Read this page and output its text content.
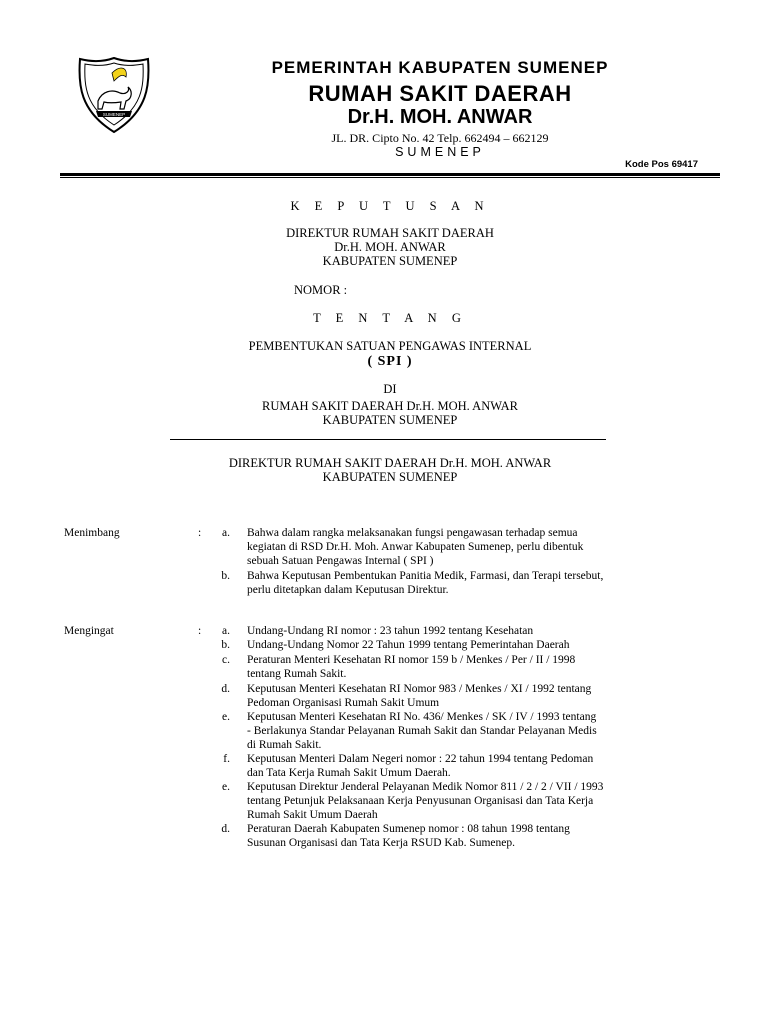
SUMENEP
PEMERINTAH KABUPATEN SUMENEP
RUMAH SAKIT DAERAH
Dr.H. MOH. ANWAR
JL. DR. Cipto No. 42 Telp. 662494 – 662129
SUMENEP
Kode Pos 69417
K E P U T U S A N
DIREKTUR RUMAH SAKIT DAERAH
Dr.H. MOH. ANWAR
KABUPATEN SUMENEP
NOMOR :
T E N T A N G
PEMBENTUKAN SATUAN PENGAWAS INTERNAL
( SPI )
DI
RUMAH SAKIT DAERAH Dr.H. MOH. ANWAR
KABUPATEN SUMENEP
DIREKTUR RUMAH SAKIT DAERAH Dr.H. MOH. ANWAR
KABUPATEN SUMENEP
Menimbang	:	a. Bahwa dalam rangka melaksanakan fungsi pengawasan terhadap semua
kegiatan di RSD Dr.H. Moh. Anwar Kabupaten Sumenep, perlu dibentuk
sebuah Satuan Pengawas Internal ( SPI )
b. Bahwa Keputusan Pembentukan Panitia Medik, Farmasi, dan Terapi tersebut,
perlu ditetapkan dalam Keputusan Direktur.
Mengingat	:	a. Undang-Undang RI nomor : 23 tahun 1992 tentang Kesehatan
b. Undang-Undang Nomor 22 Tahun 1999 tentang Pemerintahan Daerah
c. Peraturan Menteri Kesehatan RI nomor 159 b / Menkes / Per / II / 1998
tentang Rumah Sakit.
d. Keputusan Menteri Kesehatan RI Nomor 983 / Menkes / XI / 1992 tentang
Pedoman Organisasi Rumah Sakit Umum
e. Keputusan Menteri Kesehatan RI No. 436/ Menkes / SK / IV / 1993 tentang
- Berlakunya Standar Pelayanan Rumah Sakit dan Standar Pelayanan Medis
di Rumah Sakit.
f. Keputusan Menteri Dalam Negeri nomor : 22 tahun 1994 tentang Pedoman
dan Tata Kerja Rumah Sakit Umum Daerah.
e. Keputusan Direktur Jenderal Pelayanan Medik Nomor 811 / 2 / 2 / VII / 1993
tentang Petunjuk Pelaksanaan Kerja Penyusunan Organisasi dan Tata Kerja
Rumah Sakit Umum Daerah
d. Peraturan Daerah Kabupaten Sumenep nomor : 08 tahun 1998 tentang
Susunan Organisasi dan Tata Kerja RSUD Kab. Sumenep.
